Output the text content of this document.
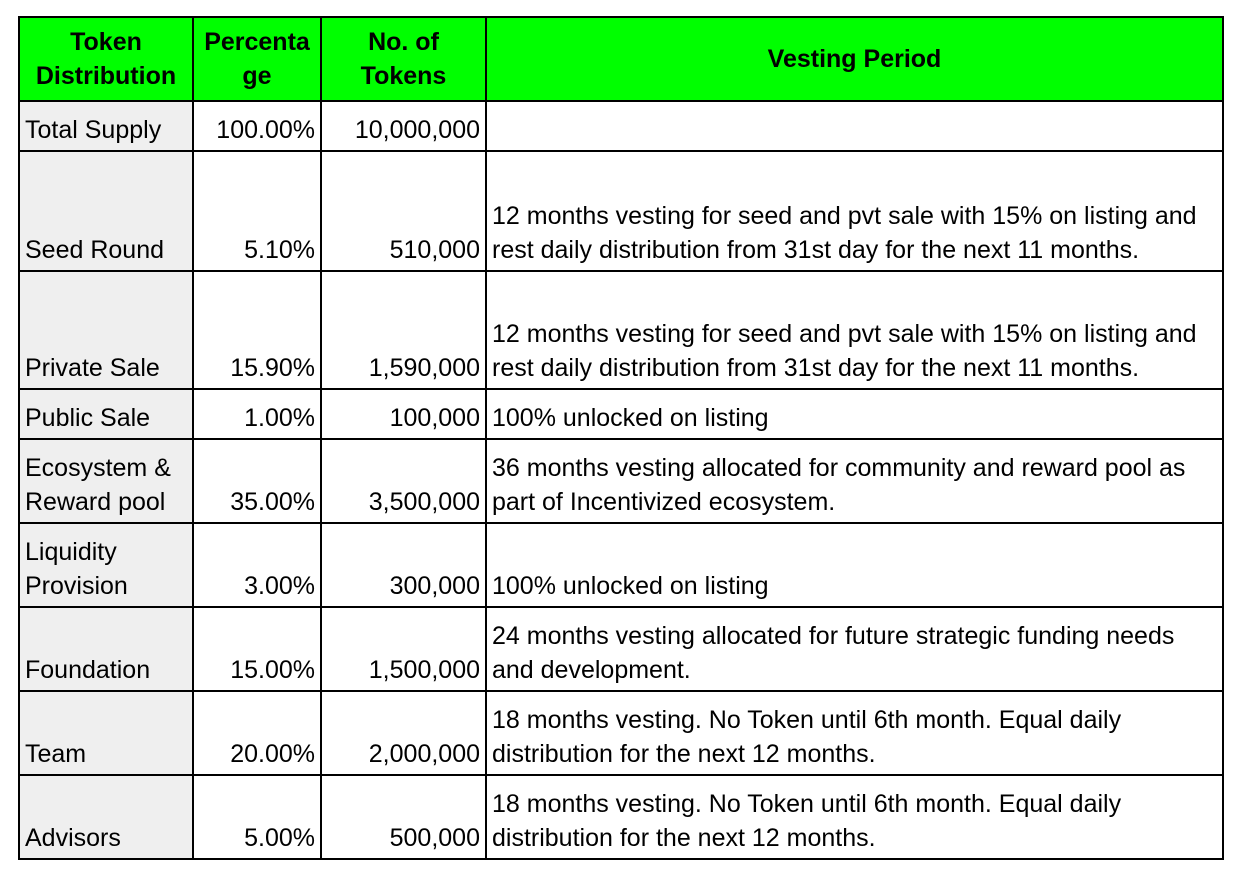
Token Distribution	Percentage	No. of Tokens	Vesting Period
Total Supply	100.00%	10,000,000	
Seed Round	5.10%	510,000	12 months vesting for seed and pvt sale with 15% on listing and rest daily distribution from 31st day for the next 11 months.
Private Sale	15.90%	1,590,000	12 months vesting for seed and pvt sale with 15% on listing and rest daily distribution from 31st day for the next 11 months.
Public Sale	1.00%	100,000	100% unlocked on listing
Ecosystem & Reward pool	35.00%	3,500,000	36 months vesting allocated for community and reward pool as part of Incentivized ecosystem.
Liquidity Provision	3.00%	300,000	100% unlocked on listing
Foundation	15.00%	1,500,000	24 months vesting allocated for future strategic funding needs and development.
Team	20.00%	2,000,000	18 months vesting. No Token until 6th month. Equal daily distribution for the next 12 months.
Advisors	5.00%	500,000	18 months vesting. No Token until 6th month. Equal daily distribution for the next 12 months.
